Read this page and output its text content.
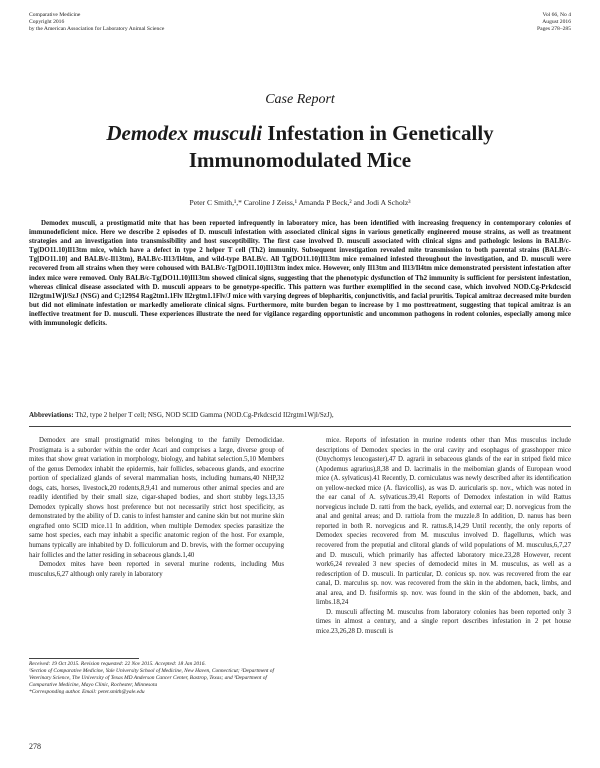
Comparative Medicine
Copyright 2016
by the American Association for Laboratory Animal Science
Vol 66, No 4
August 2016
Pages 278–285
Case Report
Demodex musculi Infestation in Genetically Immunomodulated Mice
Peter C Smith,¹,* Caroline J Zeiss,¹ Amanda P Beck,² and Jodi A Scholz³
Demodex musculi, a prostigmatid mite that has been reported infrequently in laboratory mice, has been identified with increasing frequency in contemporary colonies of immunodeficient mice. Here we describe 2 episodes of D. musculi infestation with associated clinical signs in various genetically engineered mouse strains, as well as treatment strategies and an investigation into transmissibility and host susceptibility. The first case involved D. musculi associated with clinical signs and pathologic lesions in BALB/c-Tg(DO11.10)Il13tm mice, which have a defect in type 2 helper T cell (Th2) immunity. Subsequent investigation revealed mite transmission to both parental strains (BALB/c-Tg[DO11.10] and BALB/c-Il13tm), BALB/c-Il13/Il4tm, and wild-type BALB/c. All Tg(DO11.10)Il13tm mice remained infested throughout the investigation, and D. musculi were recovered from all strains when they were cohoused with BALB/c-Tg(DO11.10)Il13tm index mice. However, only Il13tm and Il13/Il4tm mice demonstrated persistent infestation after index mice were removed. Only BALB/c-Tg(DO11.10)Il13tm showed clinical signs, suggesting that the phenotypic dysfunction of Th2 immunity is sufficient for persistent infestation, whereas clinical disease associated with D. musculi appears to be genotype-specific. This pattern was further exemplified in the second case, which involved NOD.Cg-Prkdcscid Il2rgtm1Wjl/SzJ (NSG) and C;129S4 Rag2tm1.1Flv Il2rgtm1.1Flv/J mice with varying degrees of blepharitis, conjunctivitis, and facial pruritis. Topical amitraz decreased mite burden but did not eliminate infestation or markedly ameliorate clinical signs. Furthermore, mite burden began to increase by 1 mo posttreatment, suggesting that topical amitraz is an ineffective treatment for D. musculi. These experiences illustrate the need for vigilance regarding opportunistic and uncommon pathogens in rodent colonies, especially among mice with immunologic deficits.
Abbreviations: Th2, type 2 helper T cell; NSG, NOD SCID Gamma (NOD.Cg-Prkdcscid Il2rgtm1Wjl/SzJ),

Demodex are small prostigmatid mites belonging to the family Demodicidae. Prostigmata is a suborder within the order Acari and comprises a large, diverse group of mites that show great variation in morphology, biology, and habitat selection.5,10 Members of the genus Demodex inhabit the epidermis, hair follicles, sebaceous glands, and exocrine portion of specialized glands of several mammalian hosts, including humans,40 NHP,32 dogs, cats, horses, livestock,20 rodents,8,9,41 and numerous other animal species and are readily identified by their small size, cigar-shaped bodies, and short stubby legs.13,35 Demodex typically shows host preference but not necessarily strict host specificity, as demonstrated by the ability of D. canis to infest hamster and canine skin but not murine skin engrafted onto SCID mice.11 In addition, when multiple Demodex species parasitize the same host species, each may inhabit a specific anatomic region of the host. For example, humans typically are inhabited by D. folliculorum and D. brevis, with the former occupying hair follicles and the latter residing in sebaceous glands.1,40

Demodex mites have been reported in several murine rodents, including Mus musculus,6,27 although only rarely in laboratory

mice. Reports of infestation in murine rodents other than Mus musculus include descriptions of Demodex species in the oral cavity and esophagus of grasshopper mice (Onychomys leucogaster),47 D. agrarii in sebaceous glands of the ear in striped field mice (Apodemus agrarius),8,38 and D. lacrimalis in the meibomian glands of European wood mice (A. sylvaticus).41 Recently, D. corniculatus was newly described after its identification on yellow-necked mice (A. flavicollis), as was D. auricularis sp. nov., which was noted in the ear canal of A. sylvaticus.39,41 Reports of Demodex infestation in wild Rattus norvegicus include D. ratti from the back, eyelids, and external ear; D. norvegicus from the anal and genital areas; and D. rattiola from the muzzle.8 In addition, D. nanus has been reported in both R. norvegicus and R. rattus.8,14,29 Until recently, the only reports of Demodex species recovered from M. musculus involved D. flagellurus, which was recovered from the preputial and clitoral glands of wild populations of M. musculus,6,7,27 and D. musculi, which primarily has affected laboratory mice.23,28 However, recent work6,24 revealed 3 new species of demodecid mites in M. musculus, as well as a redescription of D. musculi. In particular, D. conicus sp. nov. was recovered from the ear canal, D. marculus sp. nov. was recovered from the skin in the abdomen, back, limbs, and anal area, and D. fusiformis sp. nov. was found in the skin of the abdomen, back, and limbs.18,24

D. musculi affecting M. musculus from laboratory colonies has been reported only 3 times in almost a century, and a single report describes infestation in 2 pet house mice.23,26,28 D. musculi is

Received: 19 Oct 2015. Revision requested: 22 Nov 2015. Accepted: 18 Jan 2016.

¹Section of Comparative Medicine, Yale University School of Medicine, New Haven, Connecticut; ²Department of Veterinary Science, The University of Texas MD Anderson Cancer Center, Bastrop, Texas; and ³Department of Comparative Medicine, Mayo Clinic, Rochester, Minnesota

*Corresponding author. Email: peter.smith@yale.edu

278
